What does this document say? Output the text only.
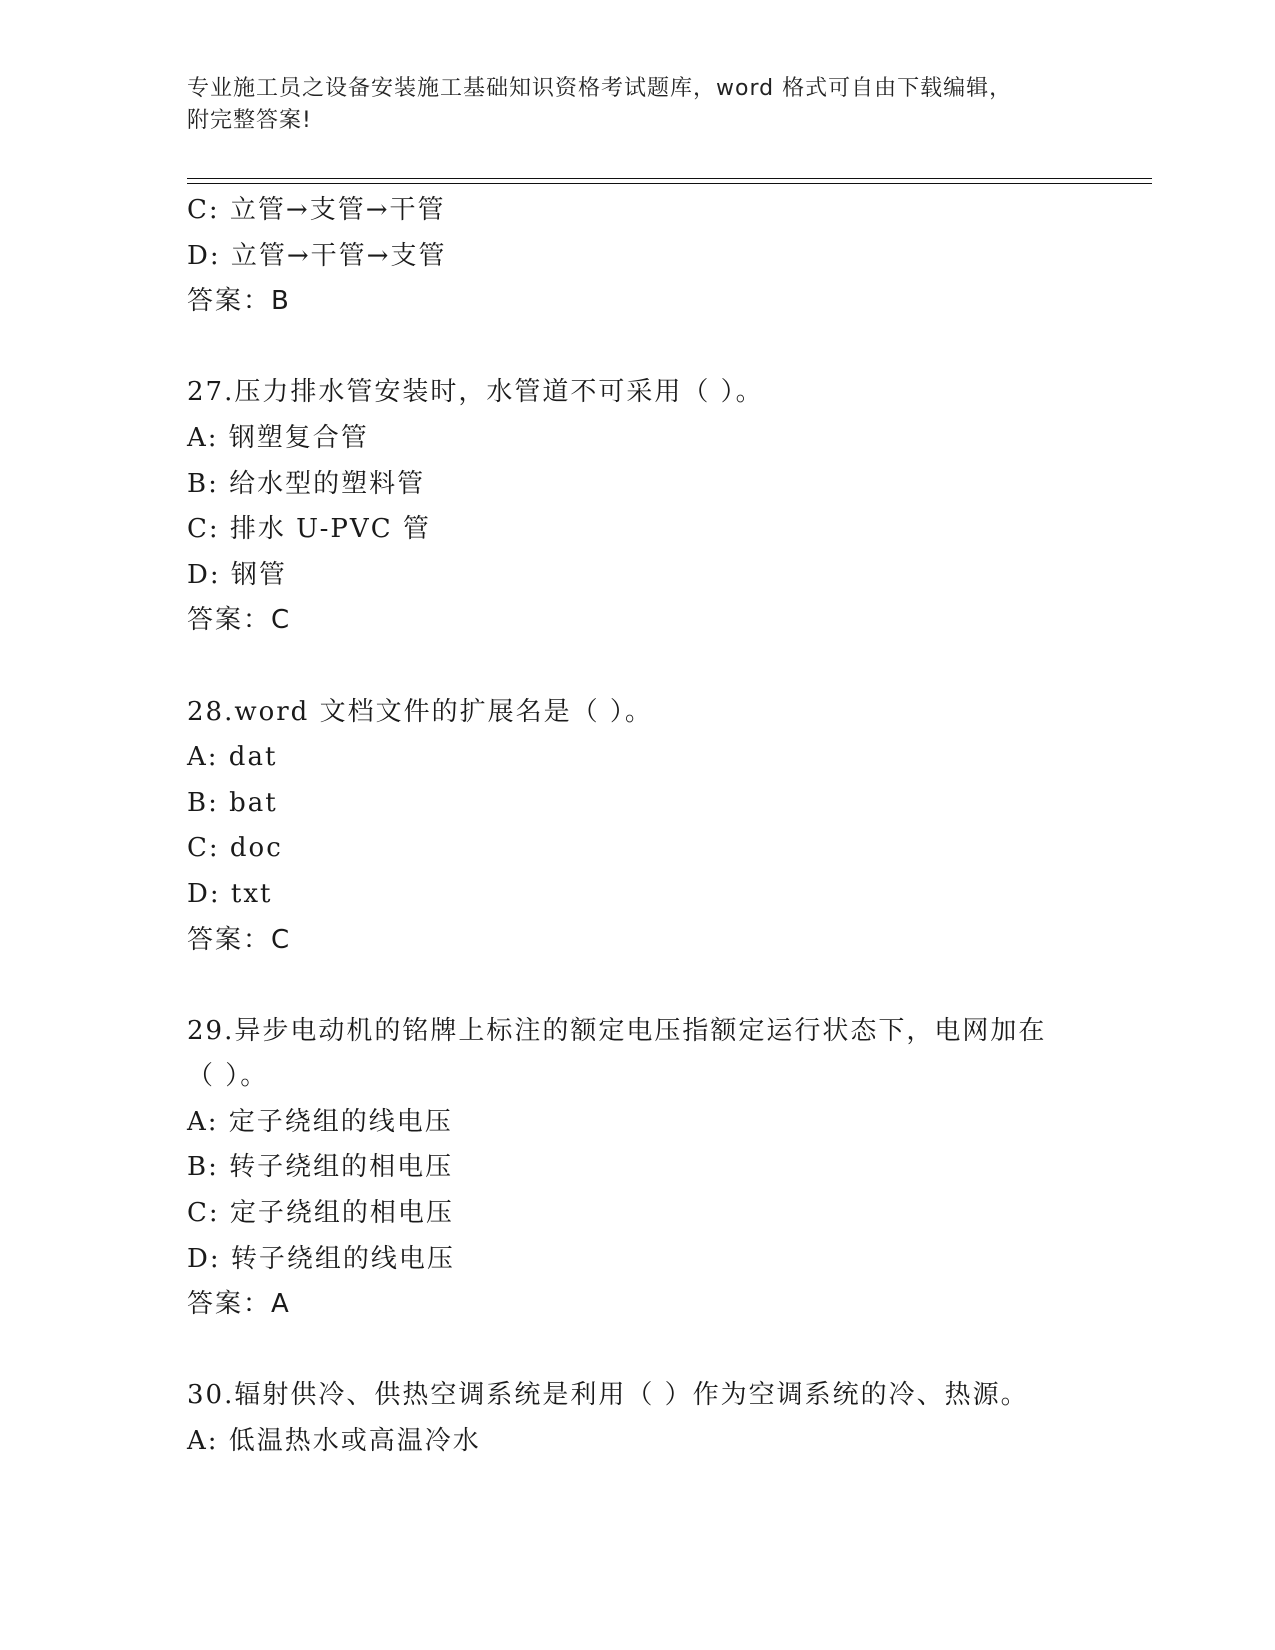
专业施工员之设备安装施工基础知识资格考试题库，word 格式可自由下载编辑，
附完整答案!
C: 立管→支管→干管
D: 立管→干管→支管
答案：B
27.压力排水管安装时，水管道不可采用（ ）。
A: 钢塑复合管
B: 给水型的塑料管
C: 排水 U-PVC 管
D: 钢管
答案：C
28.word 文档文件的扩展名是（ ）。
A: dat
B: bat
C: doc
D: txt
答案：C
29.异步电动机的铭牌上标注的额定电压指额定运行状态下，电网加在
（ ）。
A: 定子绕组的线电压
B: 转子绕组的相电压
C: 定子绕组的相电压
D: 转子绕组的线电压
答案：A
30.辐射供冷、供热空调系统是利用（ ）作为空调系统的冷、热源。
A: 低温热水或高温冷水
